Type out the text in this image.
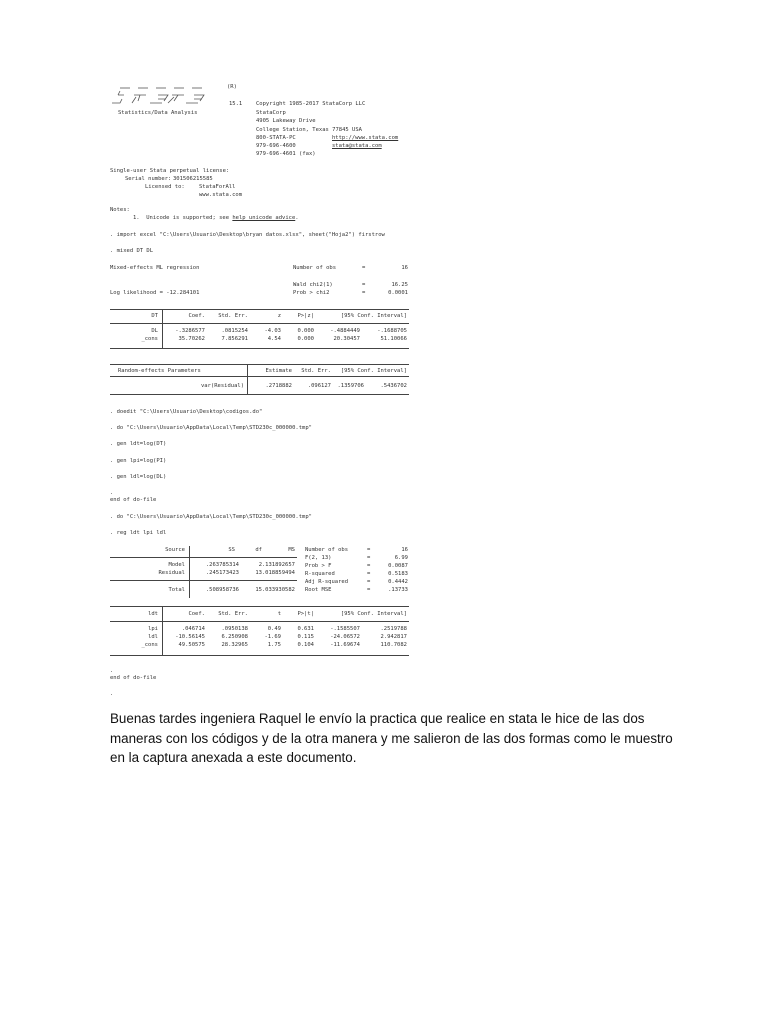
(R)
15.1
Statistics/Data Analysis
Copyright 1985-2017 StataCorp LLC
StataCorp
4905 Lakeway Drive
College Station, Texas 77845 USA
800-STATA-PC	http://www.stata.com
979-696-4600	stata@stata.com
979-696-4601 (fax)
Single-user Stata perpetual license:
Serial number: 301506215585
Licensed to:	StataForAll
www.stata.com
Notes:
1.  Unicode is supported; see help unicode_advice.
. import excel "C:\Users\Usuario\Desktop\bryan datos.xlsx", sheet("Hoja2") firstrow
. mixed DT DL
Mixed-effects ML regression	Number of obs	=	16
Wald chi2(1)	=	16.25
Log likelihood = -12.284101	Prob > chi2	=	0.0001
DT	Coef.	Std. Err.	z	P>|z|	[95% Conf. Interval]
DL	-.3286577	.0815254	-4.03	0.000	-.4884449	-.1688705
_cons	35.70262	7.856291	4.54	0.000	20.30457	51.10066
Random-effects Parameters	Estimate	Std. Err.	[95% Conf. Interval]
var(Residual)	.2718882	.096127	.1359706	.5436702
. doedit "C:\Users\Usuario\Desktop\codigos.do"
. do "C:\Users\Usuario\AppData\Local\Temp\STD230c_000000.tmp"
. gen ldt=log(DT)
. gen lpi=log(PI)
. gen ldl=log(DL)
.
end of do-file
. do "C:\Users\Usuario\AppData\Local\Temp\STD230c_000000.tmp"
. reg ldt lpi ldl
Source	SS	df	MS
Model	.263785314	2 .131892657
Residual	.245173423	13 .018859494
Total	.508958736	15 .033930582
Number of obs	=	16
F(2, 13)	=	6.99
Prob > F	=	0.0087
R-squared	=	0.5183
Adj R-squared	=	0.4442
Root MSE	=	.13733
ldt	Coef.	Std. Err.	t	P>|t|	[95% Conf. Interval]
lpi	.046714	.0950138	0.49	0.631	-.1585507	.2519788
ldl	-10.56145	6.250908	-1.69	0.115	-24.06572	2.942817
_cons	49.50575	28.32965	1.75	0.104	-11.69674	110.7082
.
end of do-file
.
Buenas tardes ingeniera Raquel le envío la practica que realice en stata le hice de las dos maneras con los códigos y de la otra manera y me salieron de las dos formas como le muestro en la captura anexada a este documento.
